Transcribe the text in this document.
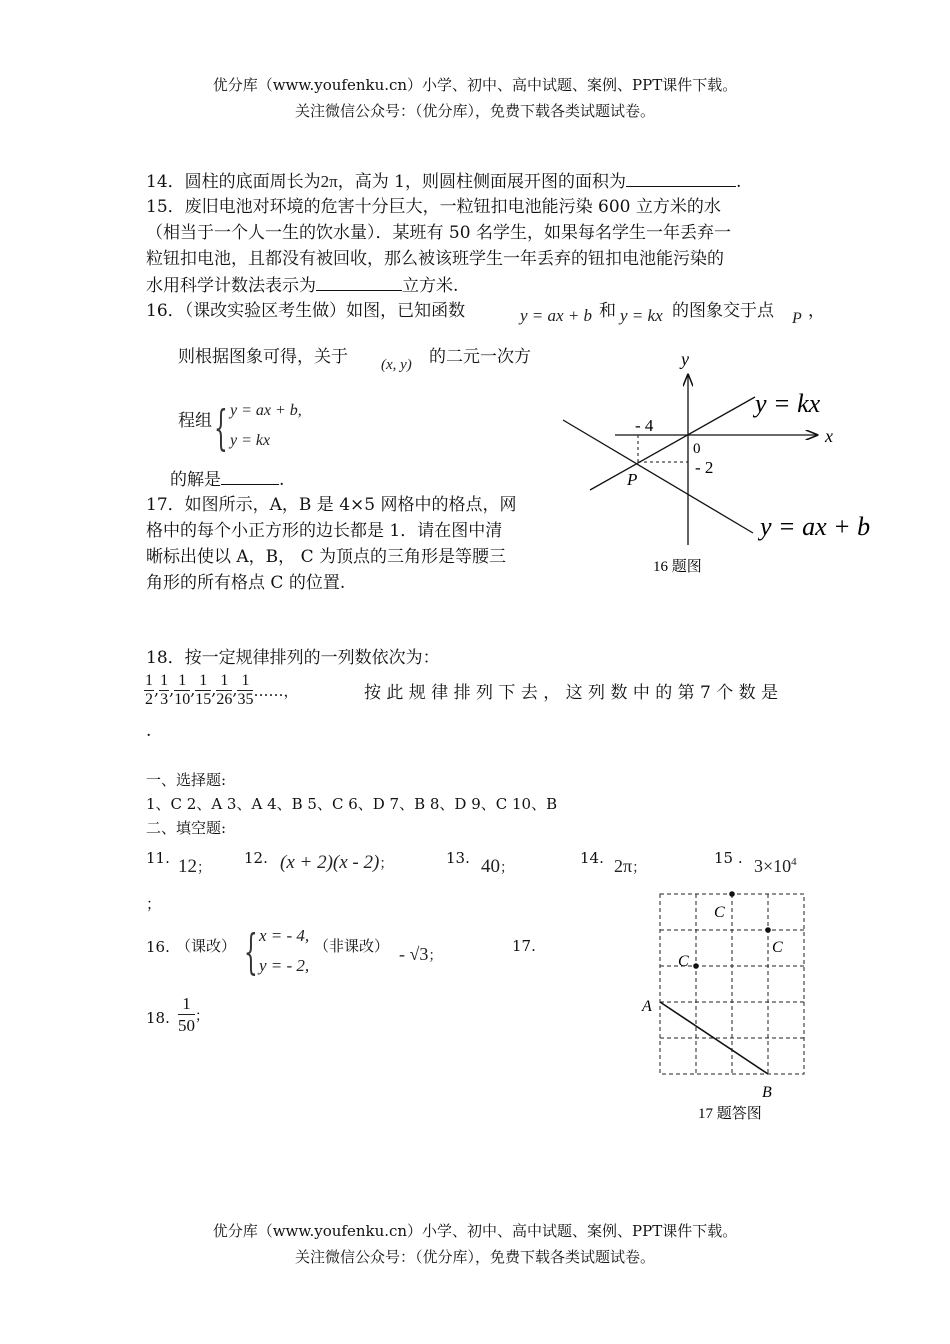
优分库（www.youfenku.cn）小学、初中、高中试题、案例、PPT课件下载。
关注微信公众号：（优分库），免费下载各类试题试卷。
14．圆柱的底面周长为2π，高为 1，则圆柱侧面展开图的面积为	.
15．废旧电池对环境的危害十分巨大，一粒钮扣电池能污染 600 立方米的水
（相当于一个人一生的饮水量）．某班有 50 名学生，如果每名学生一年丢弃一
粒钮扣电池，且都没有被回收，那么被该班学生一年丢弃的钮扣电池能污染的
水用科学计数法表示为	立方米.
16．（课改实验区考生做）如图，已知函数	y = ax + b 和 y = kx 的图象交于点 P ，
则根据图象可得，关于 (x, y) 的二元一次方
程组 { y = ax + b,
y = kx
的解是	.
y
x
0
- 4
- 2
P
y = kx
y = ax + b
16 题图
17．如图所示，A，B 是 4×5 网格中的格点，网
格中的每个小正方形的边长都是 1．请在图中清
晰标出使以 A，B， C 为顶点的三角形是等腰三
角形的所有格点 C 的位置.
18．按一定规律排列的一列数依次为：
$\frac{1}{2}$ , $\frac{1}{3}$ , $\frac{1}{10}$ , $\frac{1}{15}$ , $\frac{1}{26}$ , $\frac{1}{35}$ ……，	按 此 规 律 排 列 下 去 ， 这 列 数 中 的 第 7 个 数 是
.
一、选择题:
1、C 2、A 3、A 4、B 5、C 6、D 7、B 8、D 9、C 10、B
二、填空题:
11. 12；
12. (x + 2)(x - 2)；	13. 40；
14. 2π；
15 . $3\times 10^4$
；
16. （课改） { x = - 4,
y = - 2,
（非课改） - √3；
17.
18. $\frac{1}{50}$ ；
C
C
C
A
B
17 题答图
优分库（www.youfenku.cn）小学、初中、高中试题、案例、PPT课件下载。
关注微信公众号：（优分库），免费下载各类试题试卷。
